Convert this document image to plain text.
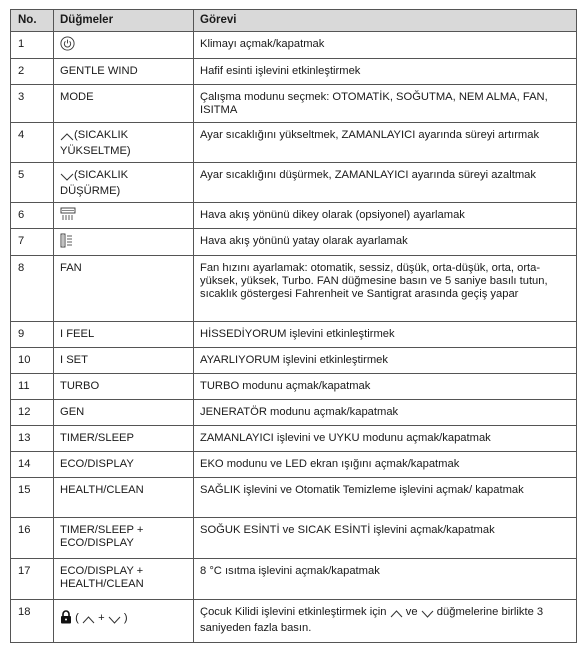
No.	Düğmeler	Görevi
1		Klimayı açmak/kapatmak
2	GENTLE WIND	Hafif esinti işlevini etkinleştirmek
3	MODE	Çalışma modunu seçmek: OTOMATİK, SOĞUTMA, NEM ALMA, FAN, ISITMA
4	(SICAKLIK YÜKSELTME)	Ayar sıcaklığını yükseltmek, ZAMANLAYICI ayarında süreyi artırmak
5	(SICAKLIK DÜŞÜRME)	Ayar sıcaklığını düşürmek, ZAMANLAYICI ayarında süreyi azaltmak
6		Hava akış yönünü dikey olarak (opsiyonel) ayarlamak
7		Hava akış yönünü yatay olarak ayarlamak
8	FAN	Fan hızını ayarlamak: otomatik, sessiz, düşük, orta-düşük, orta, orta-yüksek, yüksek, Turbo. FAN düğmesine basın ve 5 saniye basılı tutun, sıcaklık göstergesi Fahrenheit ve Santigrat arasında geçiş yapar
9	I FEEL	HİSSEDİYORUM işlevini etkinleştirmek
10	I SET	AYARLIYORUM işlevini etkinleştirmek
11	TURBO	TURBO modunu açmak/kapatmak
12	GEN	JENERATÖR modunu açmak/kapatmak
13	TIMER/SLEEP	ZAMANLAYICI işlevini ve UYKU modunu açmak/kapatmak
14	ECO/DISPLAY	EKO modunu ve LED ekran ışığını açmak/kapatmak
15	HEALTH/CLEAN	SAĞLIK işlevini ve Otomatik Temizleme işlevini açmak/ kapatmak
16	TIMER/SLEEP + ECO/DISPLAY	SOĞUK ESİNTİ ve SICAK ESİNTİ işlevini açmak/kapatmak
17	ECO/DISPLAY + HEALTH/CLEAN	8 °C ısıtma işlevini açmak/kapatmak
18	( + )	Çocuk Kilidi işlevini etkinleştirmek için ve düğmelerine birlikte 3 saniyeden fazla basın.
